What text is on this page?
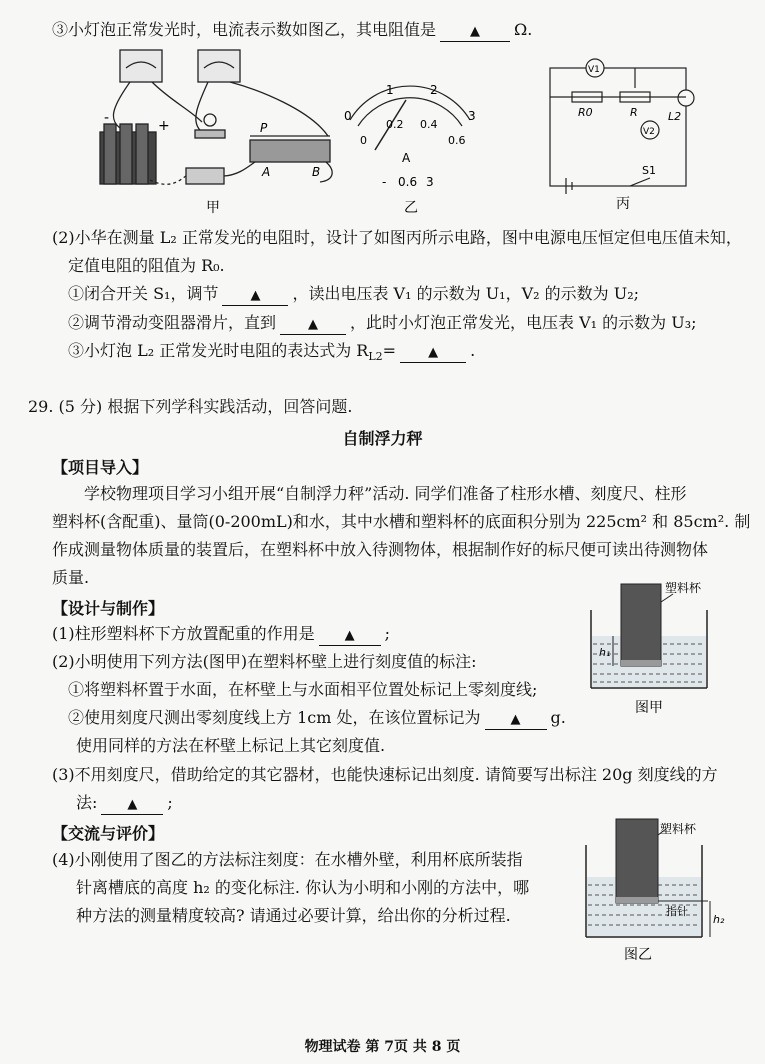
③小灯泡正常发光时，电流表示数如图乙，其电阻值是	▲ Ω.
-	+	P
A	B
甲
0
1	2
3
0
0.2 0.4
0.6
A
- 0.6 3
乙
V1
R0	R	L2
V2
S1
丙
(2)小华在测量 L₂ 正常发光的电阻时，设计了如图丙所示电路，图中电源电压恒定但电压值未知，
定值电阻的阻值为 R₀.
①闭合开关 S₁，调节 ▲ ，读出电压表 V₁ 的示数为 U₁，V₂ 的示数为 U₂;
②调节滑动变阻器滑片，直到 ▲ ，此时小灯泡正常发光，电压表 V₁ 的示数为 U₃;
③小灯泡 L₂ 正常发光时电阻的表达式为 $R_{L2}=$ ▲ .
29. (5 分) 根据下列学科实践活动，回答问题.
自制浮力秤
【项目导入】
学校物理项目学习小组开展“自制浮力秤”活动. 同学们准备了柱形水槽、刻度尺、柱形
塑料杯(含配重)、量筒(0-200mL)和水，其中水槽和塑料杯的底面积分别为 225cm² 和 85cm². 制
作成测量物体质量的装置后，在塑料杯中放入待测物体，根据制作好的标尺便可读出待测物体
质量.
【设计与制作】
(1)柱形塑料杯下方放置配重的作用是 ▲ ;
(2)小明使用下列方法(图甲)在塑料杯壁上进行刻度值的标注:
①将塑料杯置于水面，在杯壁上与水面相平位置处标记上零刻度线;
②使用刻度尺测出零刻度线上方 1cm 处，在该位置标记为 ▲ g.
使用同样的方法在杯壁上标记上其它刻度值.
(3)不用刻度尺，借助给定的其它器材，也能快速标记出刻度. 请简要写出标注 20g 刻度线的方
法: ▲ ;
【交流与评价】
(4)小刚使用了图乙的方法标注刻度：在水槽外壁，利用杯底所装指
针离槽底的高度 h₂ 的变化标注. 你认为小明和小刚的方法中，哪
种方法的测量精度较高? 请通过必要计算，给出你的分析过程.
塑料杯
h₁
图甲
塑料杯
指针
h₂
图乙
物理试卷 第 7页 共 8 页
